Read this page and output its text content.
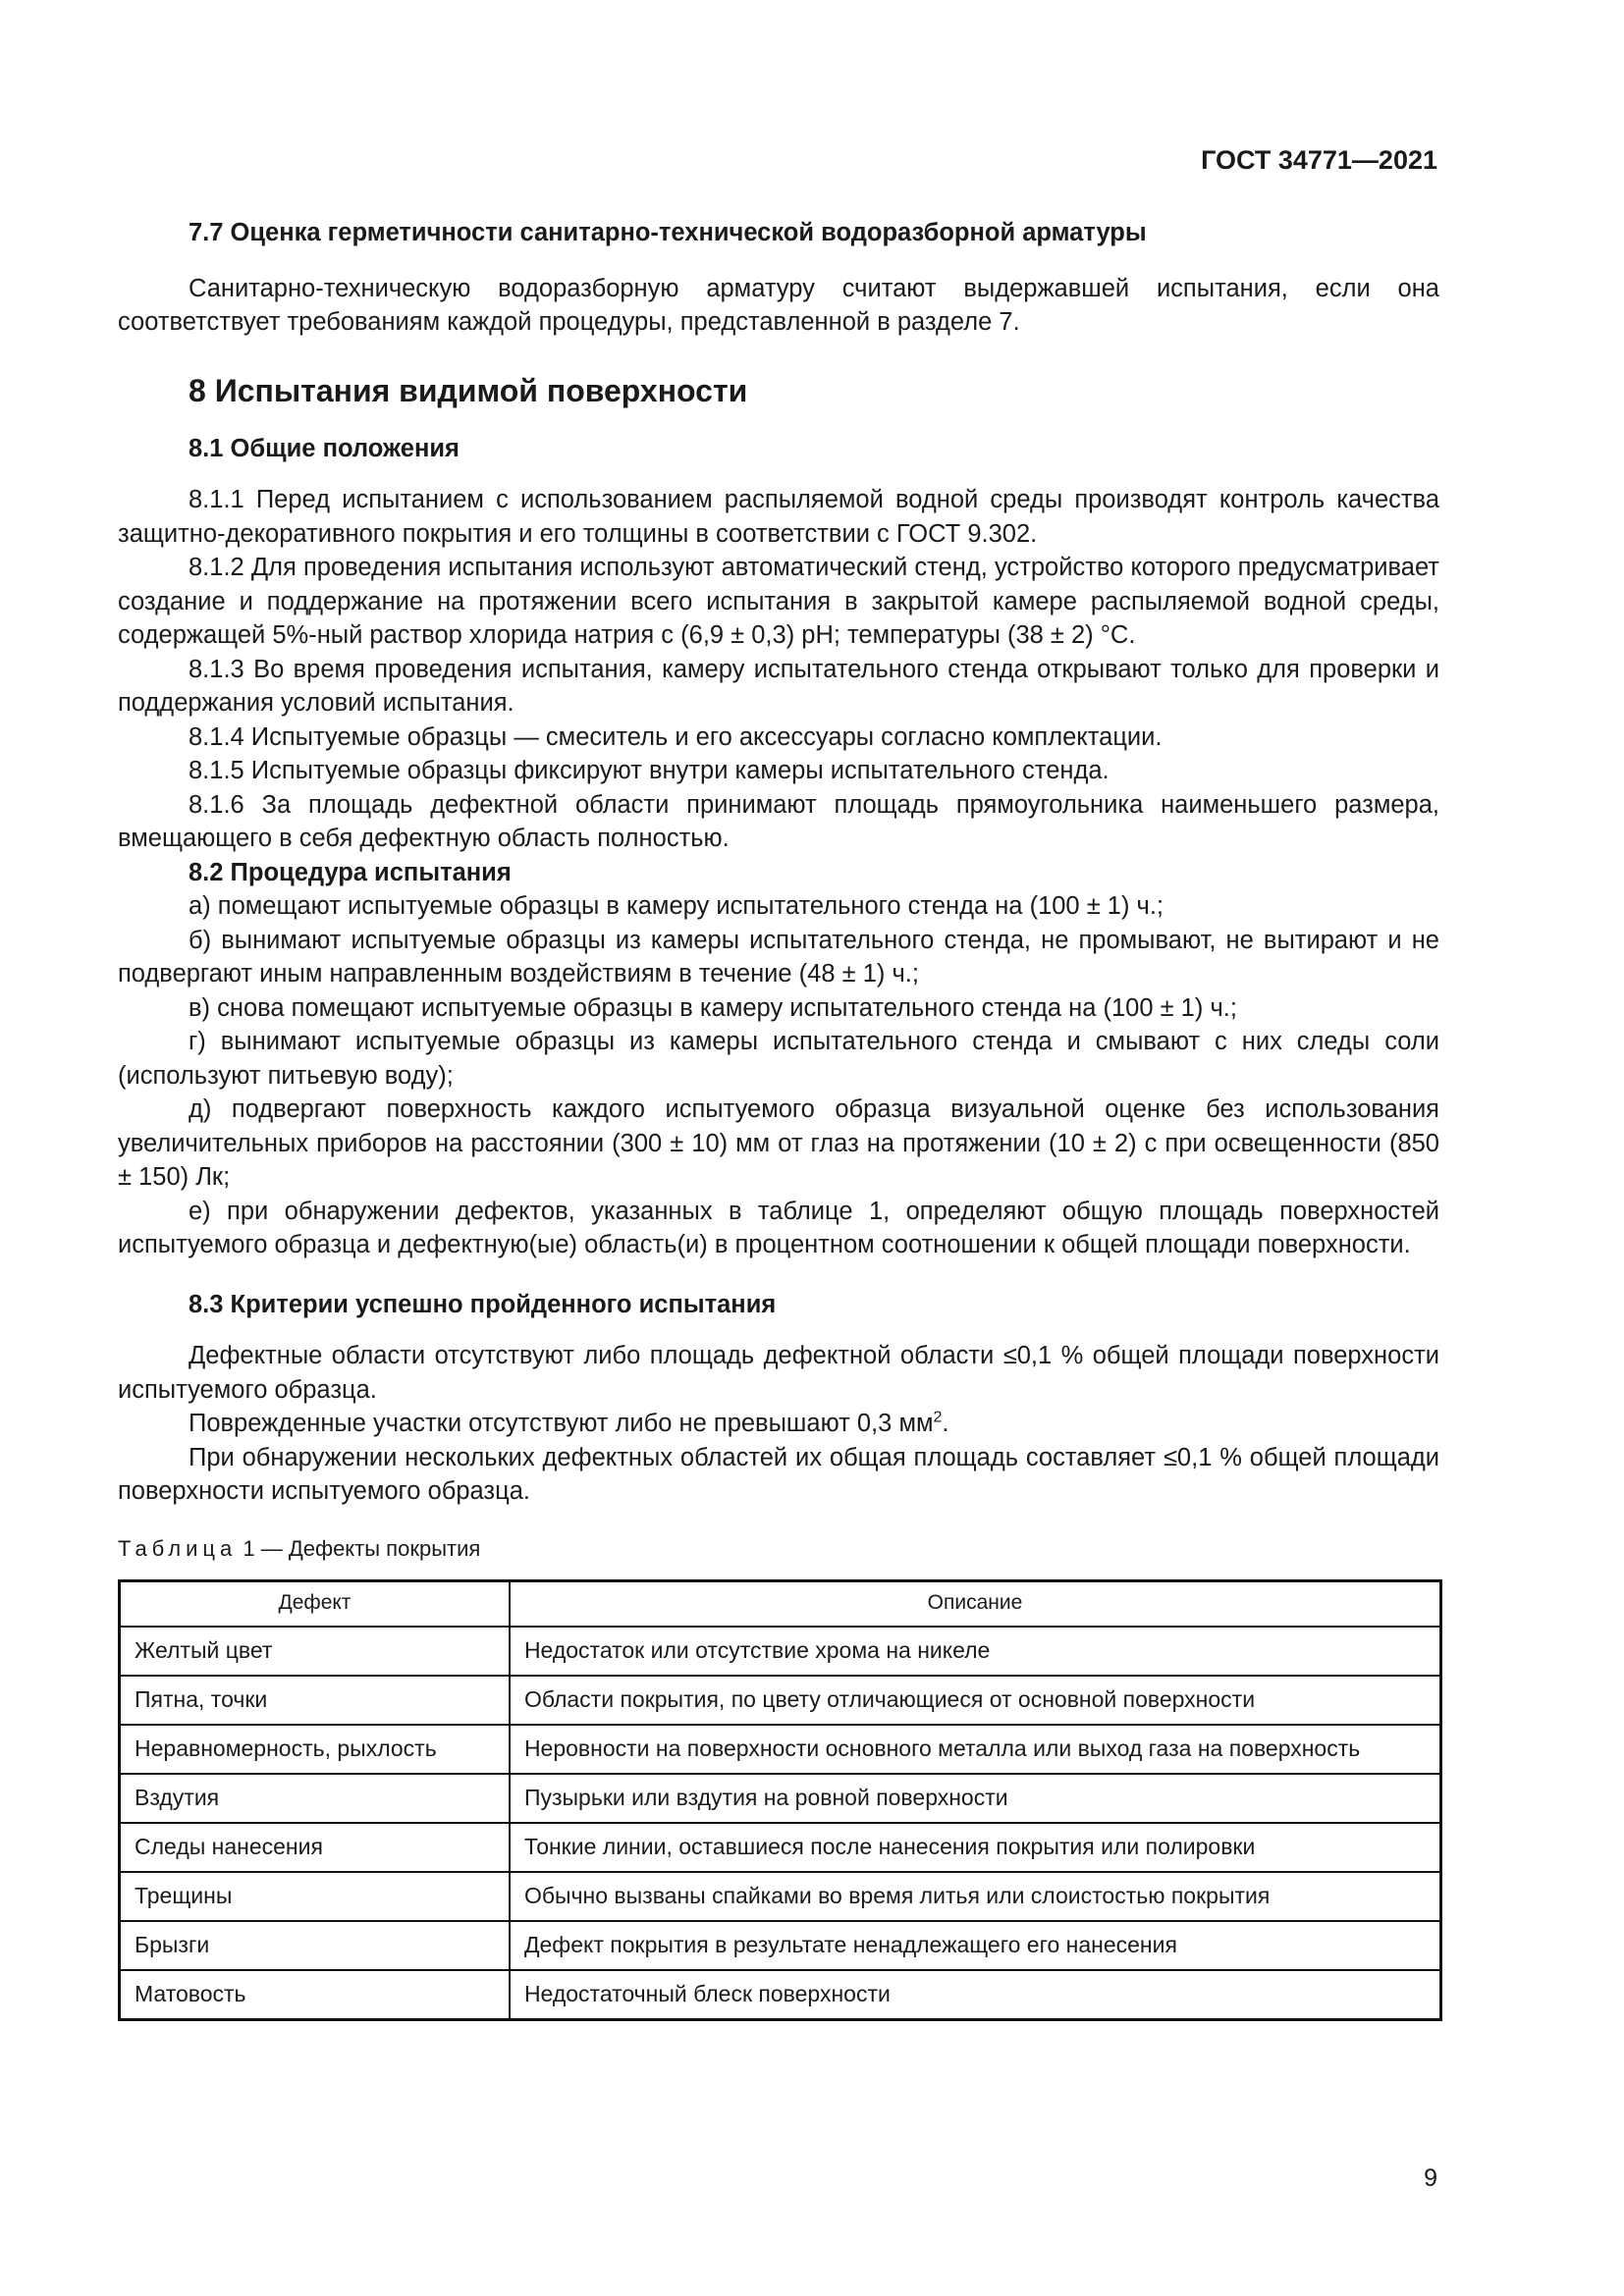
ГОСТ 34771—2021
7.7 Оценка герметичности санитарно-технической водоразборной арматуры

Санитарно-техническую водоразборную арматуру считают выдержавшей испытания, если она соответствует требованиям каждой процедуры, представленной в разделе 7.

8 Испытания видимой поверхности
8.1 Общие положения

8.1.1 Перед испытанием с использованием распыляемой водной среды производят контроль качества защитно-декоративного покрытия и его толщины в соответствии с ГОСТ 9.302.

8.1.2 Для проведения испытания используют автоматический стенд, устройство которого предусматривает создание и поддержание на протяжении всего испытания в закрытой камере распыляемой водной среды, содержащей 5%-ный раствор хлорида натрия с (6,9 ± 0,3) pH; температуры (38 ± 2) °С.

8.1.3 Во время проведения испытания, камеру испытательного стенда открывают только для проверки и поддержания условий испытания.

8.1.4 Испытуемые образцы — смеситель и его аксессуары согласно комплектации.

8.1.5 Испытуемые образцы фиксируют внутри камеры испытательного стенда.

8.1.6 За площадь дефектной области принимают площадь прямоугольника наименьшего размера, вмещающего в себя дефектную область полностью.

8.2 Процедура испытания

а) помещают испытуемые образцы в камеру испытательного стенда на (100 ± 1) ч.;

б) вынимают испытуемые образцы из камеры испытательного стенда, не промывают, не вытирают и не подвергают иным направленным воздействиям в течение (48 ± 1) ч.;

в) снова помещают испытуемые образцы в камеру испытательного стенда на (100 ± 1) ч.;

г) вынимают испытуемые образцы из камеры испытательного стенда и смывают с них следы соли (используют питьевую воду);

д) подвергают поверхность каждого испытуемого образца визуальной оценке без использования увеличительных приборов на расстоянии (300 ± 10) мм от глаз на протяжении (10 ± 2) с при освещенности (850 ± 150) Лк;

е) при обнаружении дефектов, указанных в таблице 1, определяют общую площадь поверхностей испытуемого образца и дефектную(ые) область(и) в процентном соотношении к общей площади поверхности.

8.3 Критерии успешно пройденного испытания

Дефектные области отсутствуют либо площадь дефектной области ≤0,1 % общей площади поверхности испытуемого образца.

Поврежденные участки отсутствуют либо не превышают 0,3 $мм^2$.

При обнаружении нескольких дефектных областей их общая площадь составляет ≤0,1 % общей площади поверхности испытуемого образца.

Таблица 1 — Дефекты покрытия

Дефект	Описание
Желтый цвет	Недостаток или отсутствие хрома на никеле
Пятна, точки	Области покрытия, по цвету отличающиеся от основной поверхности
Неравномерность, рыхлость	Неровности на поверхности основного металла или выход газа на поверхность
Вздутия	Пузырьки или вздутия на ровной поверхности
Следы нанесения	Тонкие линии, оставшиеся после нанесения покрытия или полировки
Трещины	Обычно вызваны спайками во время литья или слоистостью покрытия
Брызги	Дефект покрытия в результате ненадлежащего его нанесения
Матовость	Недостаточный блеск поверхности
9
